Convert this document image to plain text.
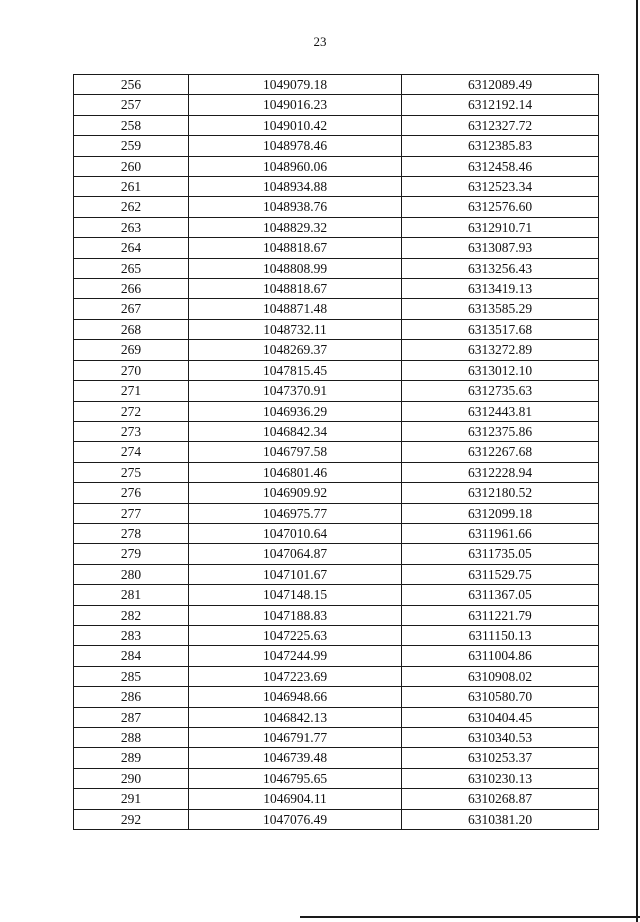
23
256	1049079.18	6312089.49
257	1049016.23	6312192.14
258	1049010.42	6312327.72
259	1048978.46	6312385.83
260	1048960.06	6312458.46
261	1048934.88	6312523.34
262	1048938.76	6312576.60
263	1048829.32	6312910.71
264	1048818.67	6313087.93
265	1048808.99	6313256.43
266	1048818.67	6313419.13
267	1048871.48	6313585.29
268	1048732.11	6313517.68
269	1048269.37	6313272.89
270	1047815.45	6313012.10
271	1047370.91	6312735.63
272	1046936.29	6312443.81
273	1046842.34	6312375.86
274	1046797.58	6312267.68
275	1046801.46	6312228.94
276	1046909.92	6312180.52
277	1046975.77	6312099.18
278	1047010.64	6311961.66
279	1047064.87	6311735.05
280	1047101.67	6311529.75
281	1047148.15	6311367.05
282	1047188.83	6311221.79
283	1047225.63	6311150.13
284	1047244.99	6311004.86
285	1047223.69	6310908.02
286	1046948.66	6310580.70
287	1046842.13	6310404.45
288	1046791.77	6310340.53
289	1046739.48	6310253.37
290	1046795.65	6310230.13
291	1046904.11	6310268.87
292	1047076.49	6310381.20
